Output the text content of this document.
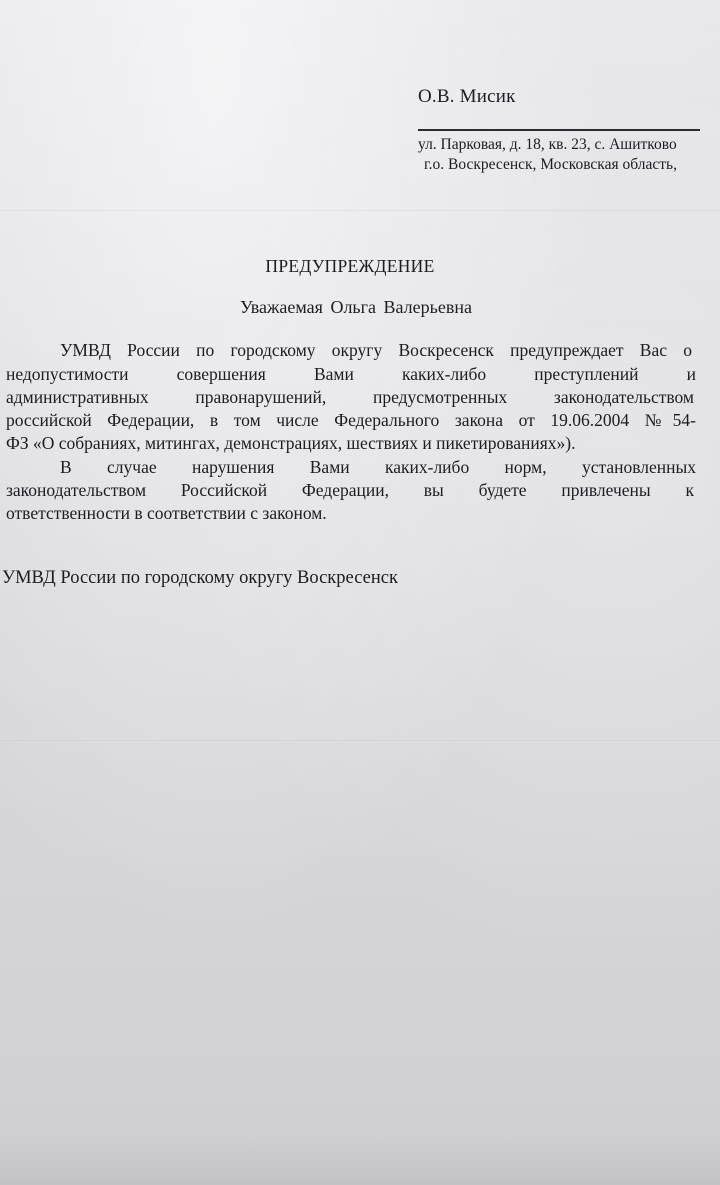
О.В. Мисик
ул. Парковая, д. 18, кв. 23, с. Ашитково
г.о. Воскресенск, Московская область,
ПРЕДУПРЕЖДЕНИЕ
Уважаемая Ольга Валерьевна
УМВД России по городскому округу Воскресенск предупреждает Вас о
недопустимости совершения Вами каких-либо преступлений и
административных правонарушений, предусмотренных законодательством
российской Федерации, в том числе Федерального закона от 19.06.2004 №54-
ФЗ «О собраниях, митингах, демонстрациях, шествиях и пикетированиях»).
В случае нарушения Вами каких-либо норм, установленных
законодательством Российской Федерации, вы будете привлечены к
ответственности в соответствии с законом.
УМВД России по городскому округу Воскресенск
